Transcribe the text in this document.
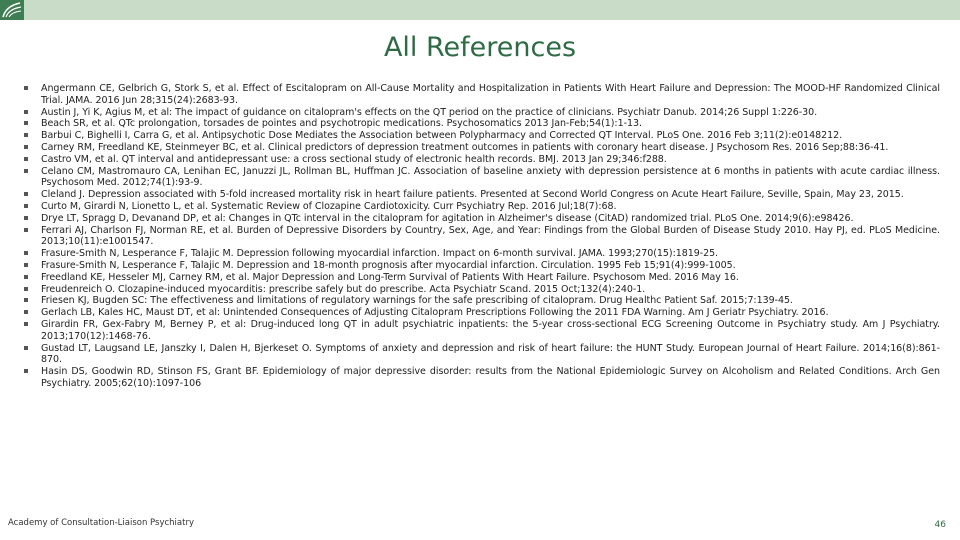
All References
Angermann CE, Gelbrich G, Stork S, et al. Effect of Escitalopram on All-Cause Mortality and Hospitalization in Patients With Heart Failure and Depression: The MOOD-HF Randomized Clinical Trial. JAMA. 2016 Jun 28;315(24):2683-93.
Austin J, Yi K, Agius M, et al: The impact of guidance on citalopram's effects on the QT period on the practice of clinicians. Psychiatr Danub. 2014;26 Suppl 1:226-30.
Beach SR, et al. QTc prolongation, torsades de pointes and psychotropic medications. Psychosomatics 2013 Jan-Feb;54(1):1-13.
Barbui C, Bighelli I, Carra G, et al. Antipsychotic Dose Mediates the Association between Polypharmacy and Corrected QT Interval. PLoS One. 2016 Feb 3;11(2):e0148212.
Carney RM, Freedland KE, Steinmeyer BC, et al. Clinical predictors of depression treatment outcomes in patients with coronary heart disease. J Psychosom Res. 2016 Sep;88:36-41.
Castro VM, et al. QT interval and antidepressant use: a cross sectional study of electronic health records. BMJ. 2013 Jan 29;346:f288.
Celano CM, Mastromauro CA, Lenihan EC, Januzzi JL, Rollman BL, Huffman JC. Association of baseline anxiety with depression persistence at 6 months in patients with acute cardiac illness. Psychosom Med. 2012;74(1):93-9.
Cleland J. Depression associated with 5-fold increased mortality risk in heart failure patients. Presented at Second World Congress on Acute Heart Failure, Seville, Spain, May 23, 2015.
Curto M, Girardi N, Lionetto L, et al. Systematic Review of Clozapine Cardiotoxicity. Curr Psychiatry Rep. 2016 Jul;18(7):68.
Drye LT, Spragg D, Devanand DP, et al: Changes in QTc interval in the citalopram for agitation in Alzheimer's disease (CitAD) randomized trial. PLoS One. 2014;9(6):e98426.
Ferrari AJ, Charlson FJ, Norman RE, et al. Burden of Depressive Disorders by Country, Sex, Age, and Year: Findings from the Global Burden of Disease Study 2010. Hay PJ, ed. PLoS Medicine. 2013;10(11):e1001547.
Frasure-Smith N, Lesperance F, Talajic M. Depression following myocardial infarction. Impact on 6-month survival. JAMA. 1993;270(15):1819-25.
Frasure-Smith N, Lesperance F, Talajic M. Depression and 18-month prognosis after myocardial infarction. Circulation. 1995 Feb 15;91(4):999-1005.
Freedland KE, Hesseler MJ, Carney RM, et al. Major Depression and Long-Term Survival of Patients With Heart Failure. Psychosom Med. 2016 May 16.
Freudenreich O. Clozapine-induced myocarditis: prescribe safely but do prescribe. Acta Psychiatr Scand. 2015 Oct;132(4):240-1.
Friesen KJ, Bugden SC: The effectiveness and limitations of regulatory warnings for the safe prescribing of citalopram. Drug Healthc Patient Saf. 2015;7:139-45.
Gerlach LB, Kales HC, Maust DT, et al: Unintended Consequences of Adjusting Citalopram Prescriptions Following the 2011 FDA Warning. Am J Geriatr Psychiatry. 2016.
Girardin FR, Gex-Fabry M, Berney P, et al: Drug-induced long QT in adult psychiatric inpatients: the 5-year cross-sectional ECG Screening Outcome in Psychiatry study. Am J Psychiatry. 2013;170(12):1468-76.
Gustad LT, Laugsand LE, Janszky I, Dalen H, Bjerkeset O. Symptoms of anxiety and depression and risk of heart failure: the HUNT Study. European Journal of Heart Failure. 2014;16(8):861-870.
Hasin DS, Goodwin RD, Stinson FS, Grant BF. Epidemiology of major depressive disorder: results from the National Epidemiologic Survey on Alcoholism and Related Conditions. Arch Gen Psychiatry. 2005;62(10):1097-106
Academy of Consultation-Liaison Psychiatry	46
